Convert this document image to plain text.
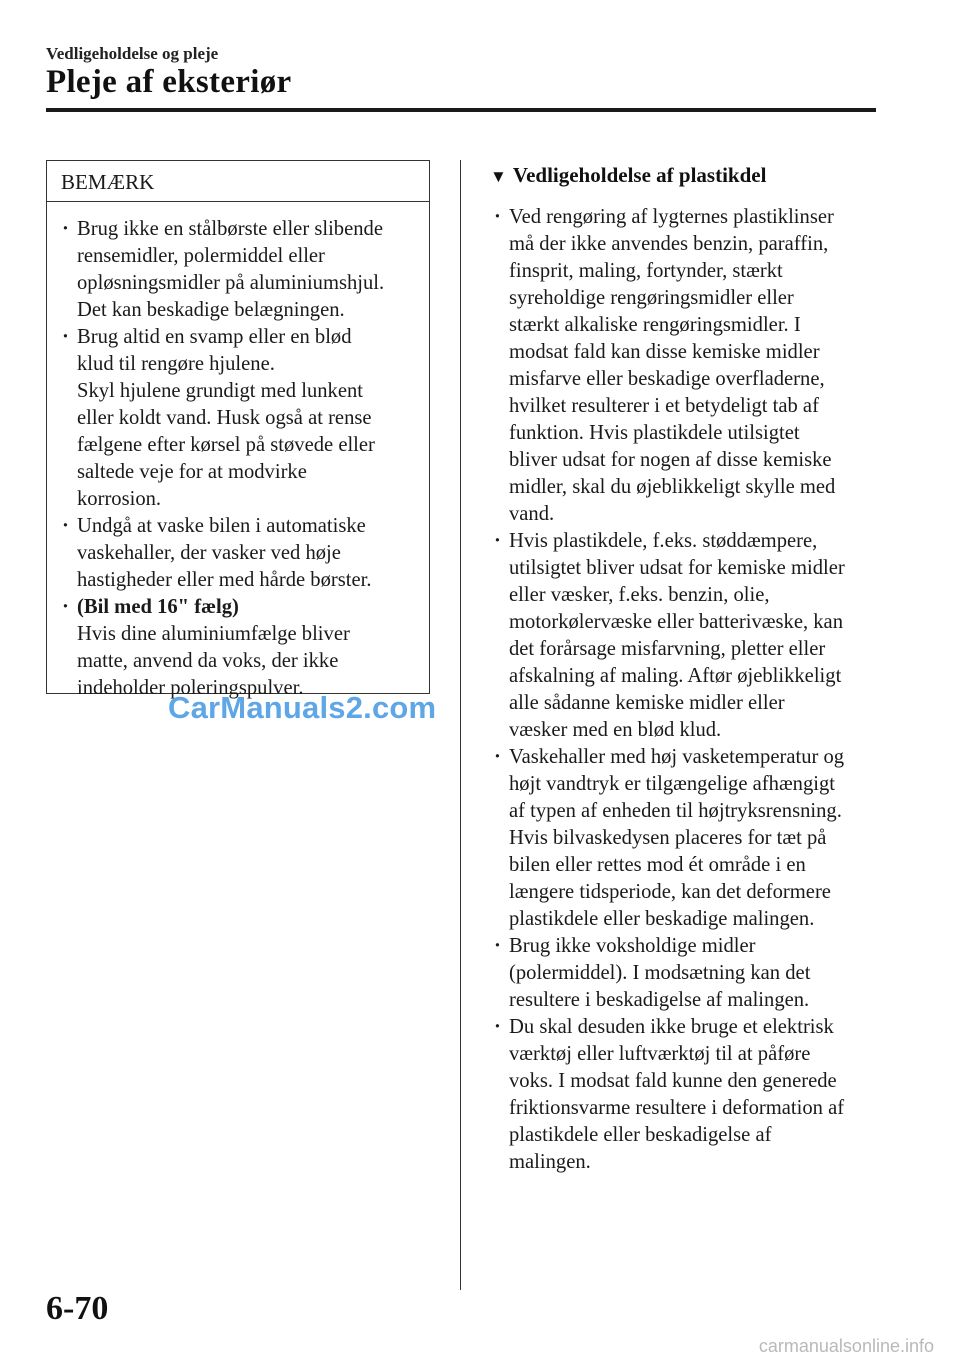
Vedligeholdelse og pleje
Pleje af eksteriør
BEMÆRK
· Brug ikke en stålbørste eller slibende
rensemidler, polermiddel eller
opløsningsmidler på aluminiumshjul.
Det kan beskadige belægningen.
· Brug altid en svamp eller en blød
klud til rengøre hjulene.
Skyl hjulene grundigt med lunkent
eller koldt vand. Husk også at rense
fælgene efter kørsel på støvede eller
saltede veje for at modvirke
korrosion.
· Undgå at vaske bilen i automatiske
vaskehaller, der vasker ved høje
hastigheder eller med hårde børster.
· (Bil med 16" fælg)
Hvis dine aluminiumfælge bliver
matte, anvend da voks, der ikke
indeholder poleringspulver.
CarManuals2.com
▼ Vedligeholdelse af plastikdel
· Ved rengøring af lygternes plastiklinser
må der ikke anvendes benzin, paraffin,
finsprit, maling, fortynder, stærkt
syreholdige rengøringsmidler eller
stærkt alkaliske rengøringsmidler. I
modsat fald kan disse kemiske midler
misfarve eller beskadige overfladerne,
hvilket resulterer i et betydeligt tab af
funktion. Hvis plastikdele utilsigtet
bliver udsat for nogen af disse kemiske
midler, skal du øjeblikkeligt skylle med
vand.
· Hvis plastikdele, f.eks. støddæmpere,
utilsigtet bliver udsat for kemiske midler
eller væsker, f.eks. benzin, olie,
motorkølervæske eller batterivæske, kan
det forårsage misfarvning, pletter eller
afskalning af maling. Aftør øjeblikkeligt
alle sådanne kemiske midler eller
væsker med en blød klud.
· Vaskehaller med høj vasketemperatur og
højt vandtryk er tilgængelige afhængigt
af typen af enheden til højtryksrensning.
Hvis bilvaskedysen placeres for tæt på
bilen eller rettes mod ét område i en
længere tidsperiode, kan det deformere
plastikdele eller beskadige malingen.
· Brug ikke voksholdige midler
(polermiddel). I modsætning kan det
resultere i beskadigelse af malingen.
· Du skal desuden ikke bruge et elektrisk
værktøj eller luftværktøj til at påføre
voks. I modsat fald kunne den generede
friktionsvarme resultere i deformation af
plastikdele eller beskadigelse af
malingen.
6-70
carmanualsonline.info
